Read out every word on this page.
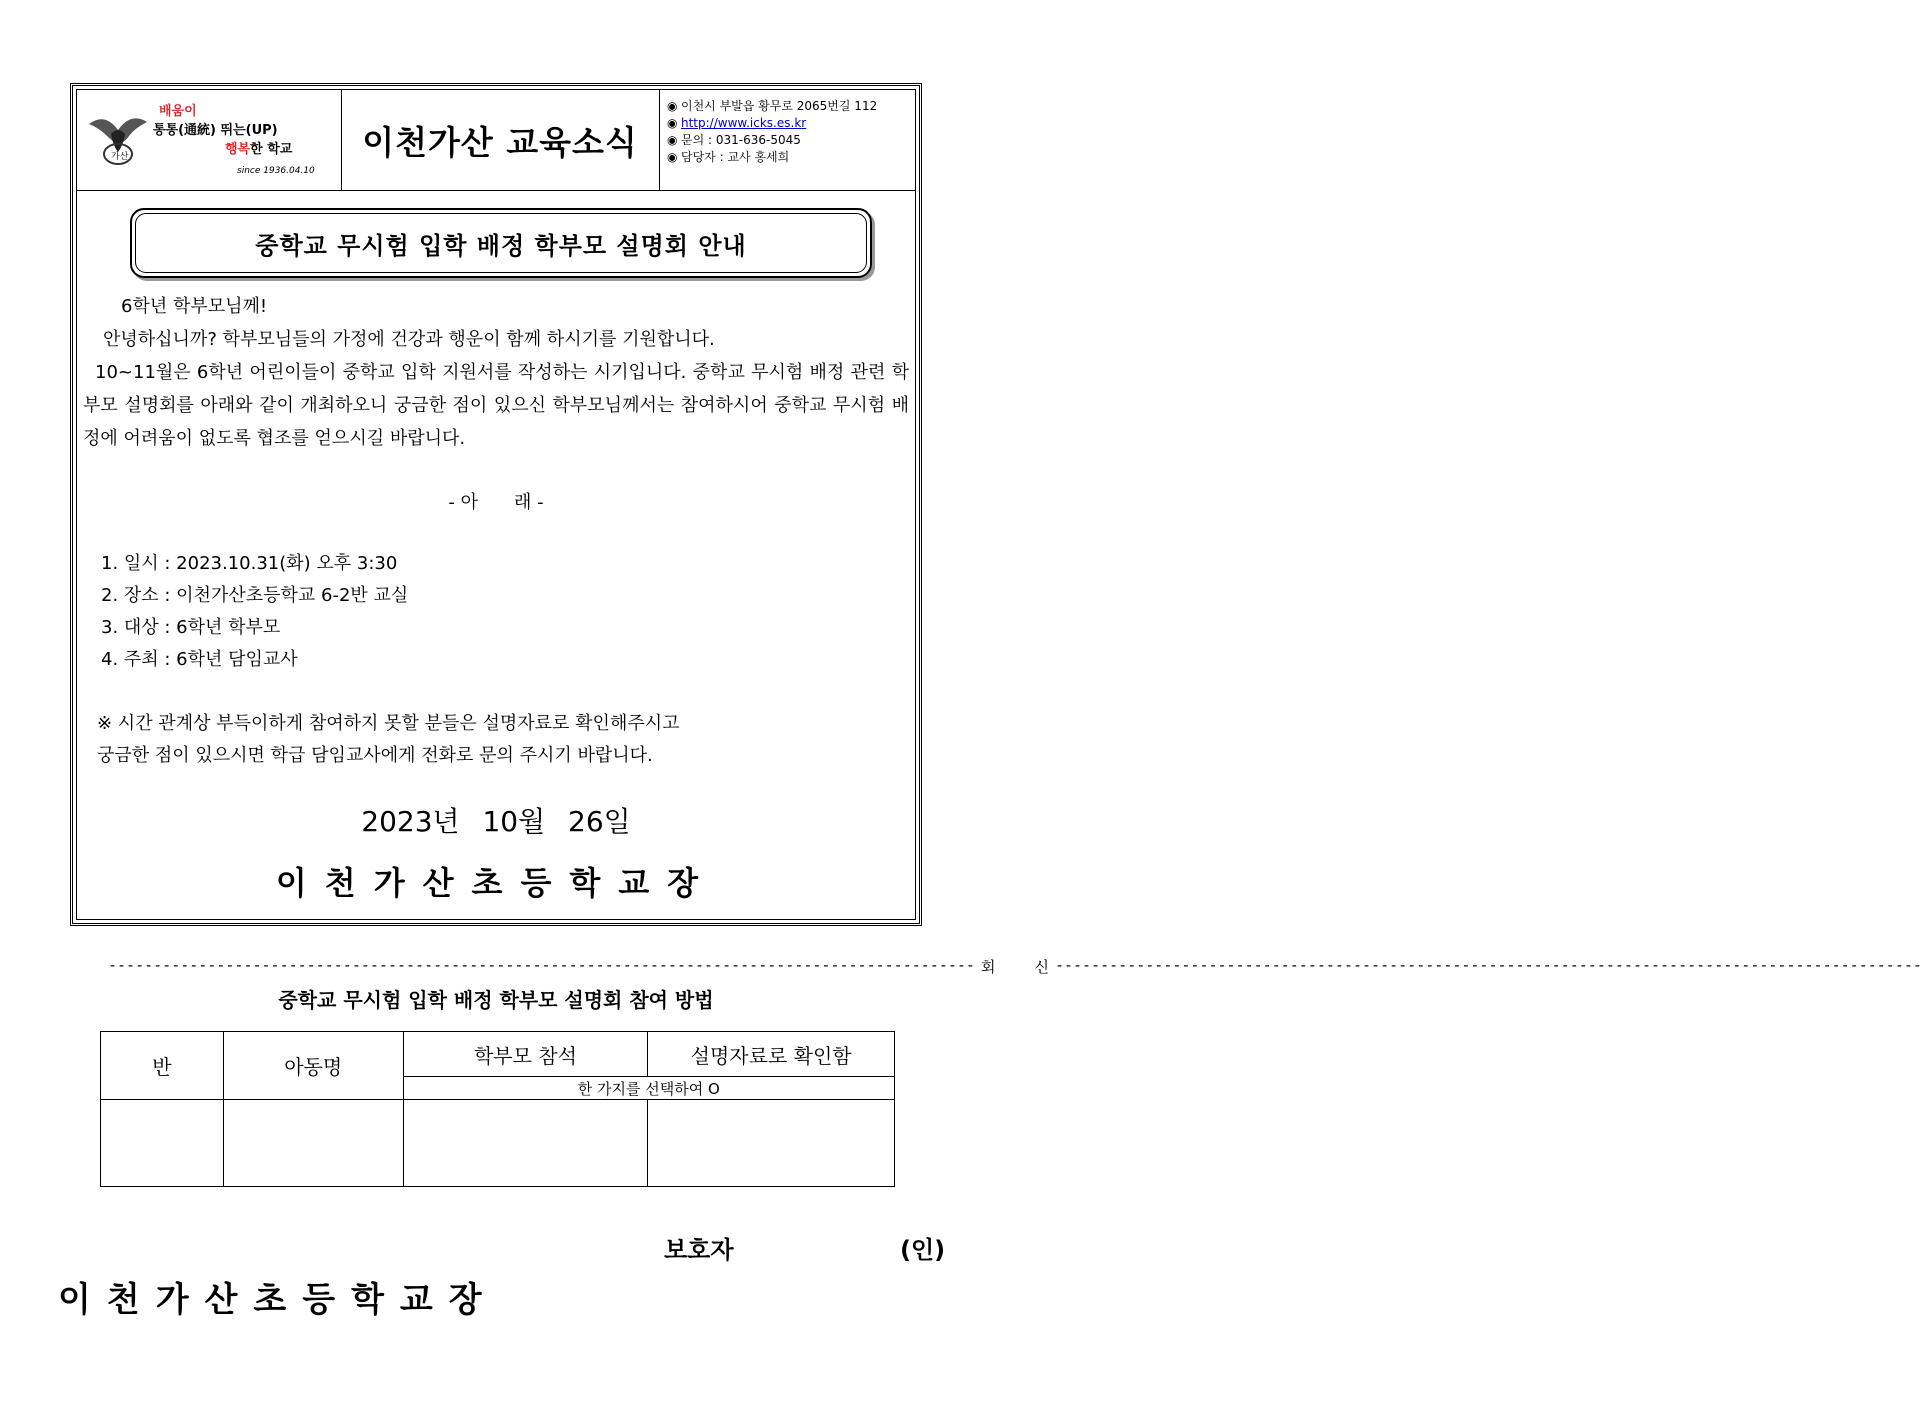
가산
배움이
통통(通統) 뛰는(UP)
행복한 학교
since 1936.04.10
이천가산 교육소식
◉ 이천시 부발읍 황무로 2065번길 112
◉ http://www.icks.es.kr
◉ 문의 : 031-636-5045
◉ 담당자 : 교사 홍세희
중학교 무시험 입학 배정 학부모 설명회 안내
6학년 학부모님께!
안녕하십니까? 학부모님들의 가정에 건강과 행운이 함께 하시기를 기원합니다.
10~11월은 6학년 어린이들이 중학교 입학 지원서를 작성하는 시기입니다. 중학교 무시험 배정 관련 학부모 설명회를 아래와 같이 개최하오니 궁금한 점이 있으신 학부모님께서는 참여하시어 중학교 무시험 배정에 어려움이 없도록 협조를 얻으시길 바랍니다.
- 아　　래 -
1. 일시 : 2023.10.31(화) 오후 3:30
2. 장소 : 이천가산초등학교 6-2반 교실
3. 대상 : 6학년 학부모
4. 주최 : 6학년 담임교사
※ 시간 관계상 부득이하게 참여하지 못할 분들은 설명자료로 확인해주시고
궁금한 점이 있으시면 학급 담임교사에게 전화로 문의 주시기 바랍니다.
2023년 10월 26일
이천가산초등학교장
------------------------------------------------------------------------------------------------ 회 신 ------------------------------------------------------------------------------------------------
중학교 무시험 입학 배정 학부모 설명회 참여 방법
반	아동명	학부모 참석	설명자료로 확인함
		한 가지를 선택하여 O	

보호자	(인)
이천가산초등학교장
